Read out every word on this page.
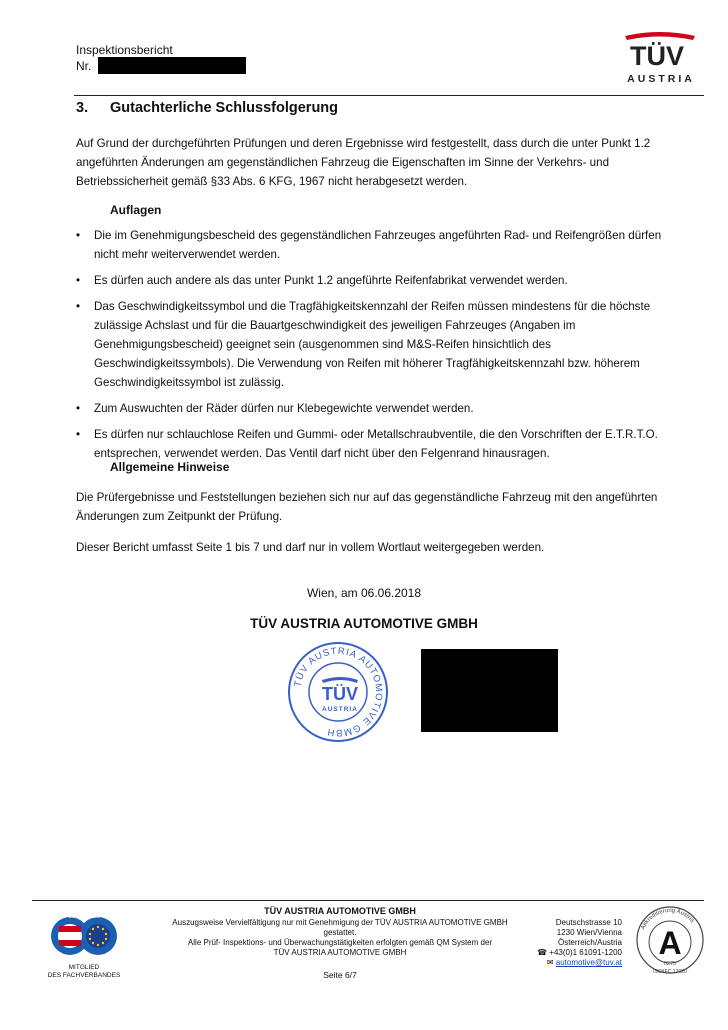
Inspektionsbericht
Nr.	TÜV
AUSTRIA
3. Gutachterliche Schlussfolgerung
Auf Grund der durchgeführten Prüfungen und deren Ergebnisse wird festgestellt, dass durch die unter Punkt 1.2 angeführten Änderungen am gegenständlichen Fahrzeug die Eigenschaften im Sinne der Verkehrs- und Betriebssicherheit gemäß §33 Abs. 6 KFG, 1967 nicht herabgesetzt werden.
Auflagen
• Die im Genehmigungsbescheid des gegenständlichen Fahrzeuges angeführten Rad- und Reifengrößen dürfen nicht mehr weiterverwendet werden.
• Es dürfen auch andere als das unter Punkt 1.2 angeführte Reifenfabrikat verwendet werden.
• Das Geschwindigkeitssymbol und die Tragfähigkeitskennzahl der Reifen müssen mindestens für die höchste zulässige Achslast und für die Bauartgeschwindigkeit des jeweiligen Fahrzeuges (Angaben im Genehmigungsbescheid) geeignet sein (ausgenommen sind M&S-Reifen hinsichtlich des Geschwindigkeitssymbols). Die Verwendung von Reifen mit höherer Tragfähigkeitskennzahl bzw. höherem Geschwindigkeitssymbol ist zulässig.
• Zum Auswuchten der Räder dürfen nur Klebegewichte verwendet werden.
• Es dürfen nur schlauchlose Reifen und Gummi- oder Metallschraubventile, die den Vorschriften der E.T.R.T.O. entsprechen, verwendet werden. Das Ventil darf nicht über den Felgenrand hinausragen.
Allgemeine Hinweise
Die Prüfergebnisse und Feststellungen beziehen sich nur auf das gegenständliche Fahrzeug mit den angeführten Änderungen zum Zeitpunkt der Prüfung.
Dieser Bericht umfasst Seite 1 bis 7 und darf nur in vollem Wortlaut weitergegeben werden.
Wien, am 06.06.2018
TÜV AUSTRIA AUTOMOTIVE GMBH
TÜV AUSTRIA AUTOMOTIVE GMBH
TÜV
AUSTRIA
INGENIEUR
BÜROS
MITGLIED
DES FACHVERBANDES
TÜV AUSTRIA AUTOMOTIVE GMBH
Auszugsweise Vervielfältigung nur mit Genehmigung der TÜV AUSTRIA AUTOMOTIVE GMBH
gestattet.
Alle Prüf- Inspektions- und Überwachungstätigkeiten erfolgten gemäß QM System der
TÜV AUSTRIA AUTOMOTIVE GMBH
Seite 6/7
Deutschstrasse 10
1230 Wien/Vienna
Österreich/Austria
☎ +43(0)1 61091-1200
✉ automotive@tuv.at
Akkreditierung Austria
A
0275
ISO/IEC 17020
